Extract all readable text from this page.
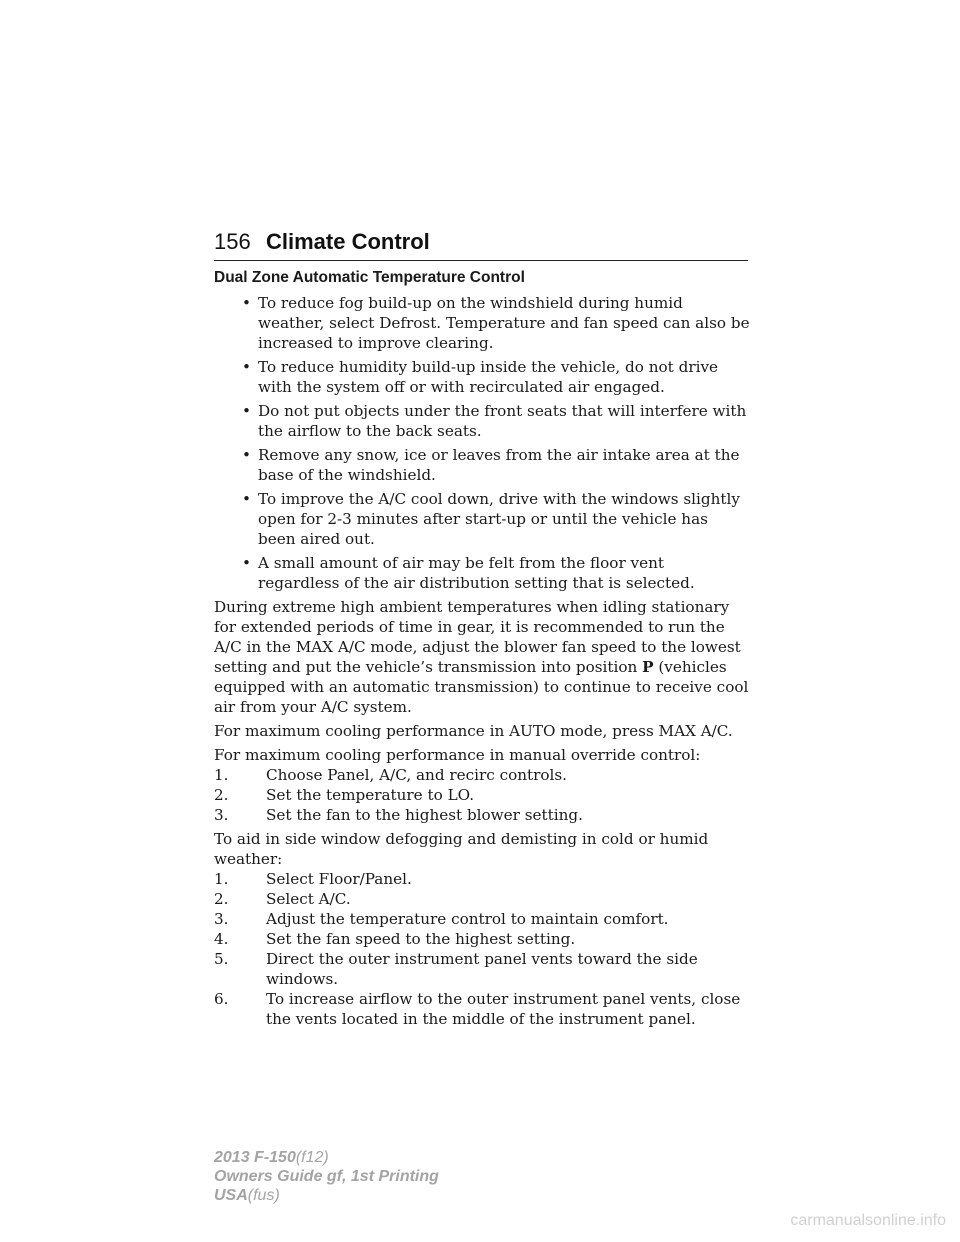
156 Climate Control
Dual Zone Automatic Temperature Control
• To reduce fog build-up on the windshield during humid weather, select Defrost. Temperature and fan speed can also be increased to improve clearing.
• To reduce humidity build-up inside the vehicle, do not drive with the system off or with recirculated air engaged.
• Do not put objects under the front seats that will interfere with the airflow to the back seats.
• Remove any snow, ice or leaves from the air intake area at the base of the windshield.
• To improve the A/C cool down, drive with the windows slightly open for 2-3 minutes after start-up or until the vehicle has been aired out.
• A small amount of air may be felt from the floor vent regardless of the air distribution setting that is selected.

During extreme high ambient temperatures when idling stationary for extended periods of time in gear, it is recommended to run the A/C in the MAX A/C mode, adjust the blower fan speed to the lowest setting and put the vehicle’s transmission into position P (vehicles equipped with an automatic transmission) to continue to receive cool air from your A/C system.

For maximum cooling performance in AUTO mode, press MAX A/C.

For maximum cooling performance in manual override control:

1. Choose Panel, A/C, and recirc controls.
2. Set the temperature to LO.
3. Set the fan to the highest blower setting.

To aid in side window defogging and demisting in cold or humid weather:

1. Select Floor/Panel.
2. Select A/C.
3. Adjust the temperature control to maintain comfort.
4. Set the fan speed to the highest setting.
5. Direct the outer instrument panel vents toward the side windows.
6. To increase airflow to the outer instrument panel vents, close the vents located in the middle of the instrument panel.
2013 F-150(f12)
Owners Guide gf, 1st Printing
USA(fus)
carmanualsonline.info
